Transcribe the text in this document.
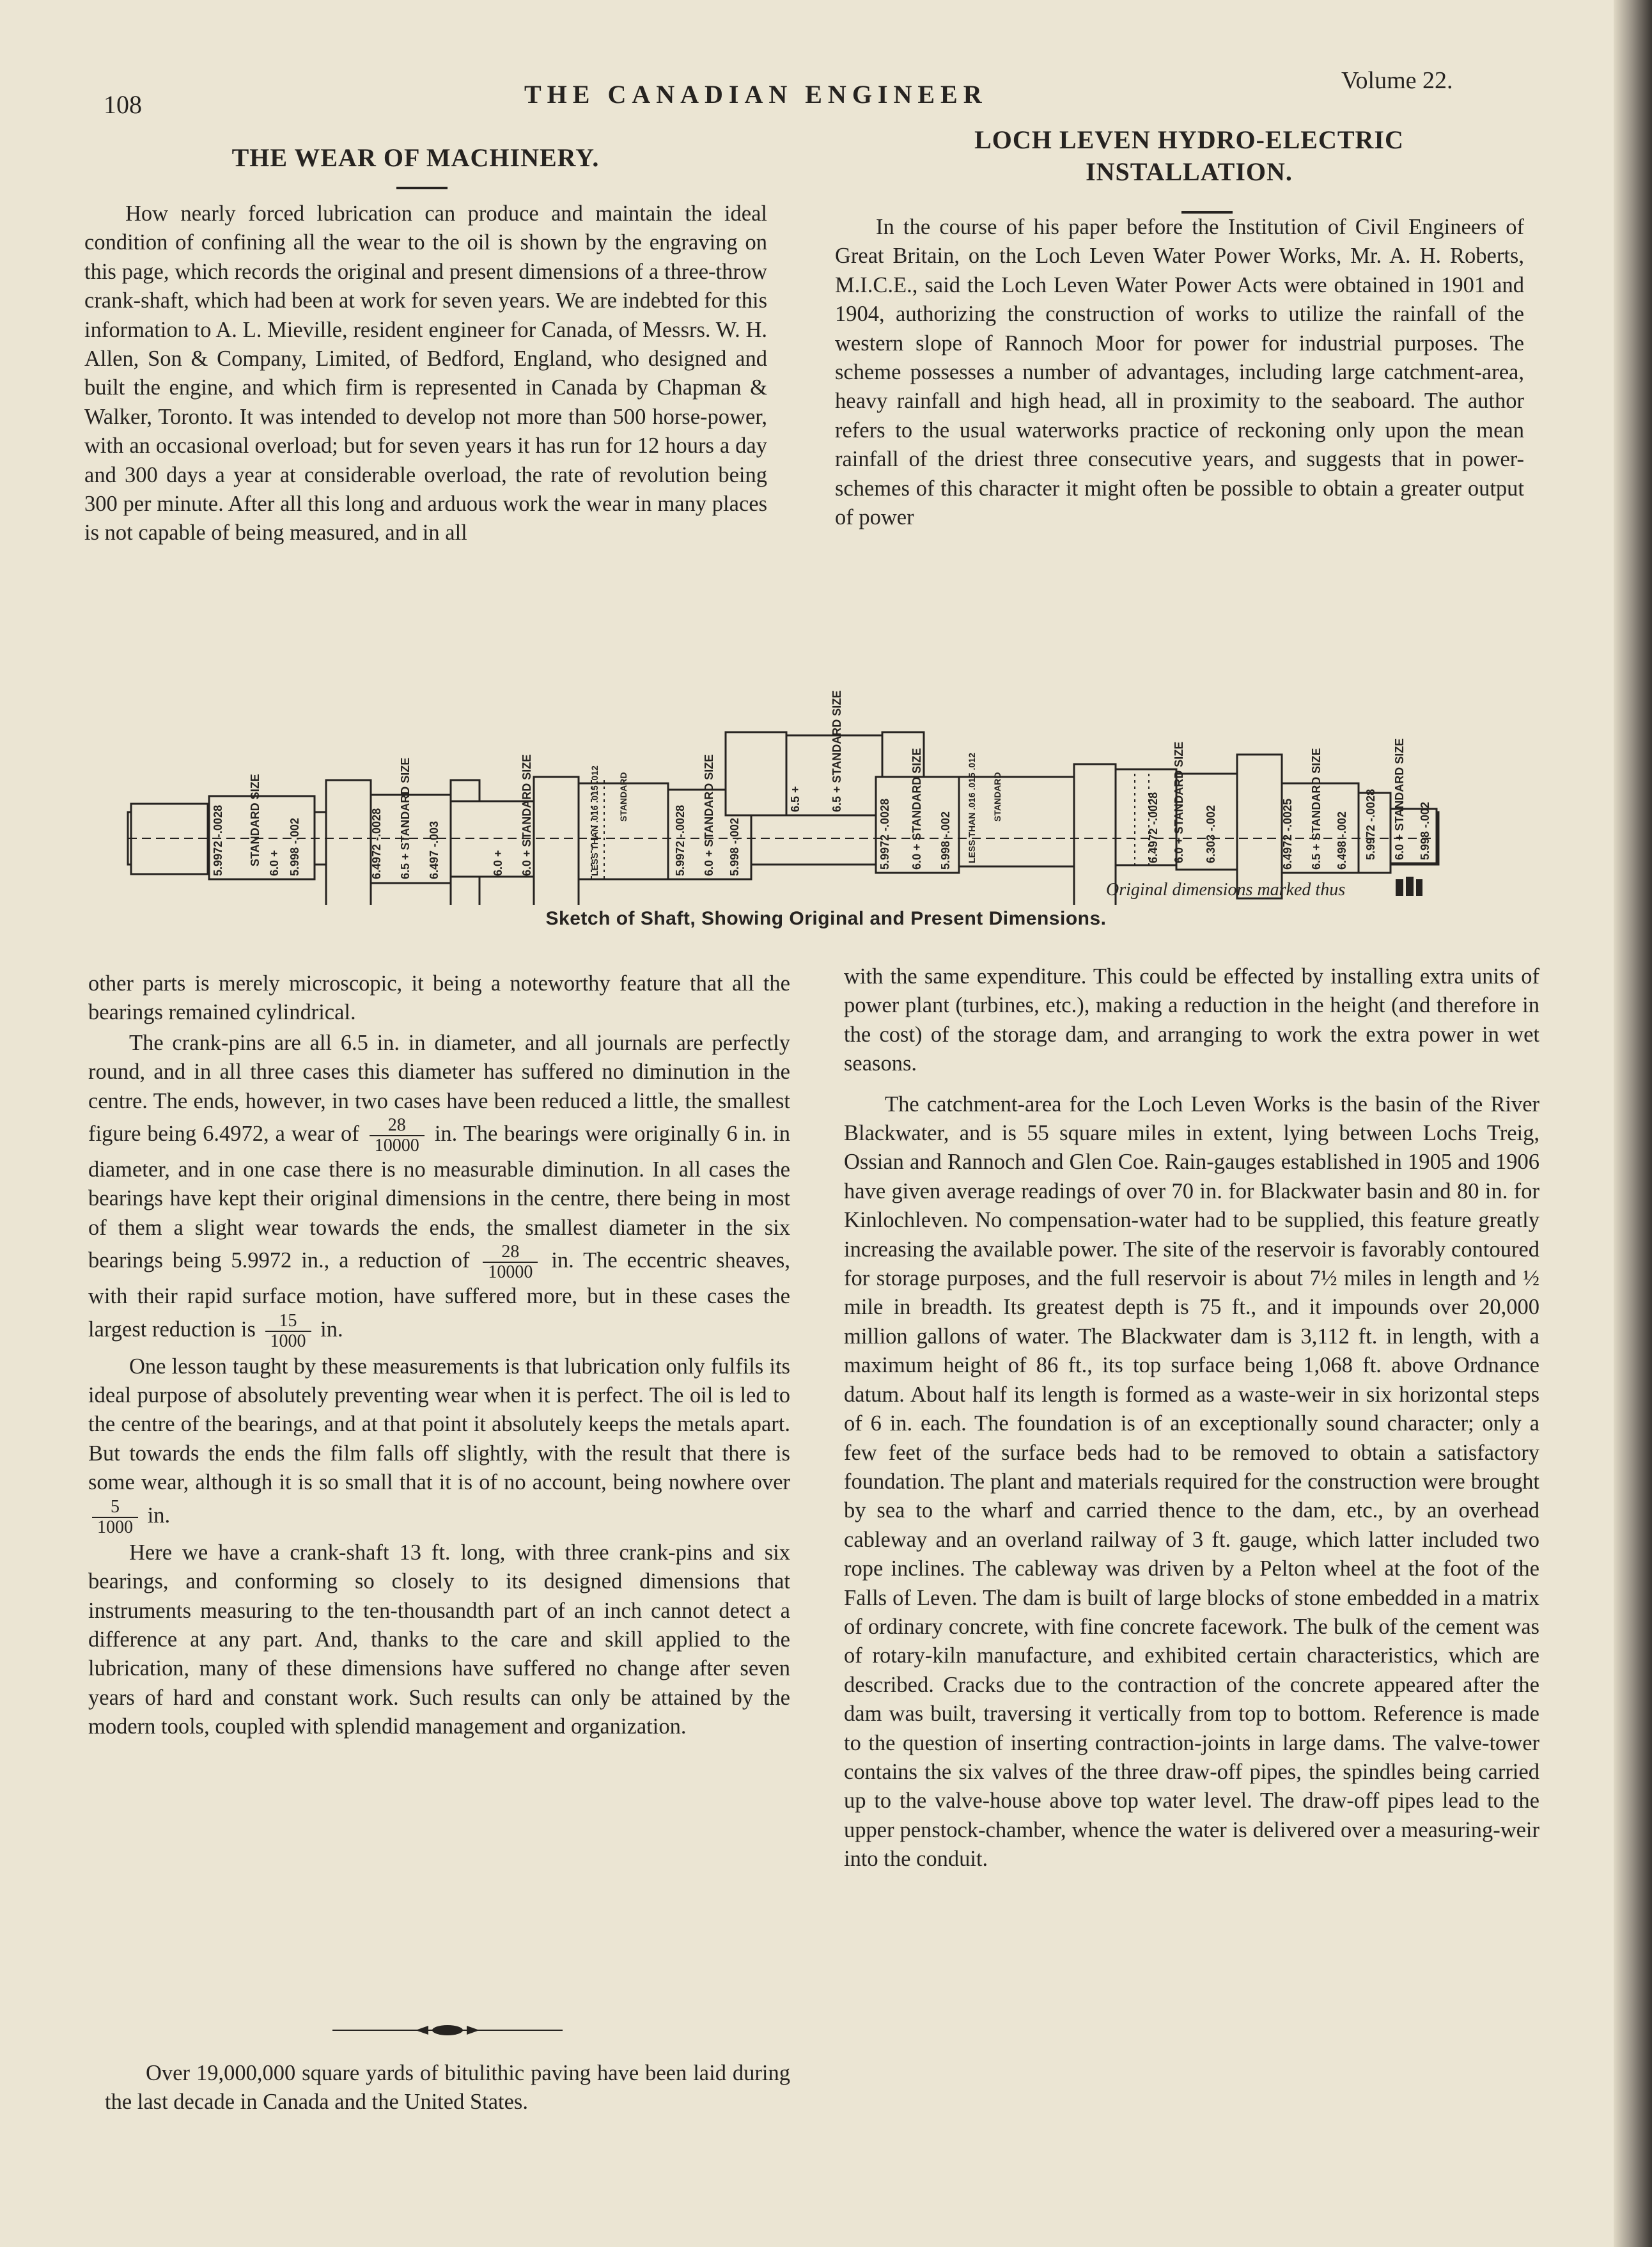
108	THE CANADIAN ENGINEER	Volume 22.
THE WEAR OF MACHINERY.
LOCH LEVEN HYDRO-ELECTRIC
INSTALLATION.

How nearly forced lubrication can produce and maintain the ideal condition of confining all the wear to the oil is shown by the engraving on this page, which records the original and present dimensions of a three-throw crank-shaft, which had been at work for seven years. We are indebted for this information to A. L. Mieville, resident engineer for Canada, of Messrs. W. H. Allen, Son & Company, Limited, of Bedford, England, who designed and built the engine, and which firm is represented in Canada by Chapman & Walker, Toronto. It was intended to develop not more than 500 horse-power, with an occasional overload; but for seven years it has run for 12 hours a day and 300 days a year at considerable overload, the rate of revolution being 300 per minute. After all this long and arduous work the wear in many places is not capable of being measured, and in all

In the course of his paper before the Institution of Civil Engineers of Great Britain, on the Loch Leven Water Power Works, Mr. A. H. Roberts, M.I.C.E., said the Loch Leven Water Power Acts were obtained in 1901 and 1904, authorizing the construction of works to utilize the rainfall of the western slope of Rannoch Moor for power for industrial purposes. The scheme possesses a number of advantages, including large catchment-area, heavy rainfall and high head, all in proximity to the seaboard. The author refers to the usual waterworks practice of reckoning only upon the mean rainfall of the driest three consecutive years, and suggests that in power-schemes of this character it might often be possible to obtain a greater output of power

5.9972 -.0028 STANDARD SIZE 6.0 + 5.998 -.002	6.4972 -.0028 6.5 + STANDARD SIZE 6.497 -.003	6.0 + 6.0 + STANDARD SIZE	LESS THAN .016 .015 .012 STANDARD
5.9972 -.0028 6.0 + STANDARD SIZE 5.998 -.002
6.5 +	6.5 + STANDARD SIZE
5.9972 -.0028 6.0 + STANDARD SIZE 5.998 -.002 LESS THAN .016 .015 .012 STANDARD	6.4972 -.0028 6.0 + STANDARD SIZE 6.303 -.002	6.4972 -.0025 6.5 + STANDARD SIZE 6.498 -.002 5.9972 -.0028 6.0 + STANDARD SIZE 5.998 -.002
Original dimensions marked thus
Sketch of Shaft, Showing Original and Present Dimensions.

other parts is merely microscopic, it being a noteworthy feature that all the bearings remained cylindrical.

The crank-pins are all 6.5 in. in diameter, and all journals are perfectly round, and in all three cases this diameter has suffered no diminution in the centre. The ends, however, in two cases have been reduced a little, the smallest figure being 6.4972, a wear of $\frac{28}{10000}$ in. The bearings were originally 6 in. in diameter, and in one case there is no measurable diminution. In all cases the bearings have kept their original dimensions in the centre, there being in most of them a slight wear towards the ends, the smallest diameter in the six bearings being 5.9972 in., a reduction of $\frac{28}{10000}$ in. The eccentric sheaves, with their rapid surface motion, have suffered more, but in these cases the largest reduction is $\frac{15}{1000}$ in.

One lesson taught by these measurements is that lubrication only fulfils its ideal purpose of absolutely preventing wear when it is perfect. The oil is led to the centre of the bearings, and at that point it absolutely keeps the metals apart. But towards the ends the film falls off slightly, with the result that there is some wear, although it is so small that it is of no account, being nowhere over
$\frac{5}{1000}$ in.

Here we have a crank-shaft 13 ft. long, with three crank-pins and six bearings, and conforming so closely to its designed dimensions that instruments measuring to the ten-thousandth part of an inch cannot detect a difference at any part. And, thanks to the care and skill applied to the lubrication, many of these dimensions have suffered no change after seven years of hard and constant work. Such results can only be attained by the modern tools, coupled with splendid management and organization.

Over 19,000,000 square yards of bitulithic paving have been laid during the last decade in Canada and the United States.

with the same expenditure. This could be effected by installing extra units of power plant (turbines, etc.), making a reduction in the height (and therefore in the cost) of the storage dam, and arranging to work the extra power in wet seasons.

The catchment-area for the Loch Leven Works is the basin of the River Blackwater, and is 55 square miles in extent, lying between Lochs Treig, Ossian and Rannoch and Glen Coe. Rain-gauges established in 1905 and 1906 have given average readings of over 70 in. for Blackwater basin and 80 in. for Kinlochleven. No compensation-water had to be supplied, this feature greatly increasing the available power. The site of the reservoir is favorably contoured for storage purposes, and the full reservoir is about 7½ miles in length and ½ mile in breadth. Its greatest depth is 75 ft., and it impounds over 20,000 million gallons of water. The Blackwater dam is 3,112 ft. in length, with a maximum height of 86 ft., its top surface being 1,068 ft. above Ordnance datum. About half its length is formed as a waste-weir in six horizontal steps of 6 in. each. The foundation is of an exceptionally sound character; only a few feet of the surface beds had to be removed to obtain a satisfactory foundation. The plant and materials required for the construction were brought by sea to the wharf and carried thence to the dam, etc., by an overhead cableway and an overland railway of 3 ft. gauge, which latter included two rope inclines. The cableway was driven by a Pelton wheel at the foot of the Falls of Leven. The dam is built of large blocks of stone embedded in a matrix of ordinary concrete, with fine concrete facework. The bulk of the cement was of rotary-kiln manufacture, and exhibited certain characteristics, which are described. Cracks due to the contraction of the concrete appeared after the dam was built, traversing it vertically from top to bottom. Reference is made to the question of inserting contraction-joints in large dams. The valve-tower contains the six valves of the three draw-off pipes, the spindles being carried up to the valve-house above top water level. The draw-off pipes lead to the upper penstock-chamber, whence the water is delivered over a measuring-weir into the conduit.
